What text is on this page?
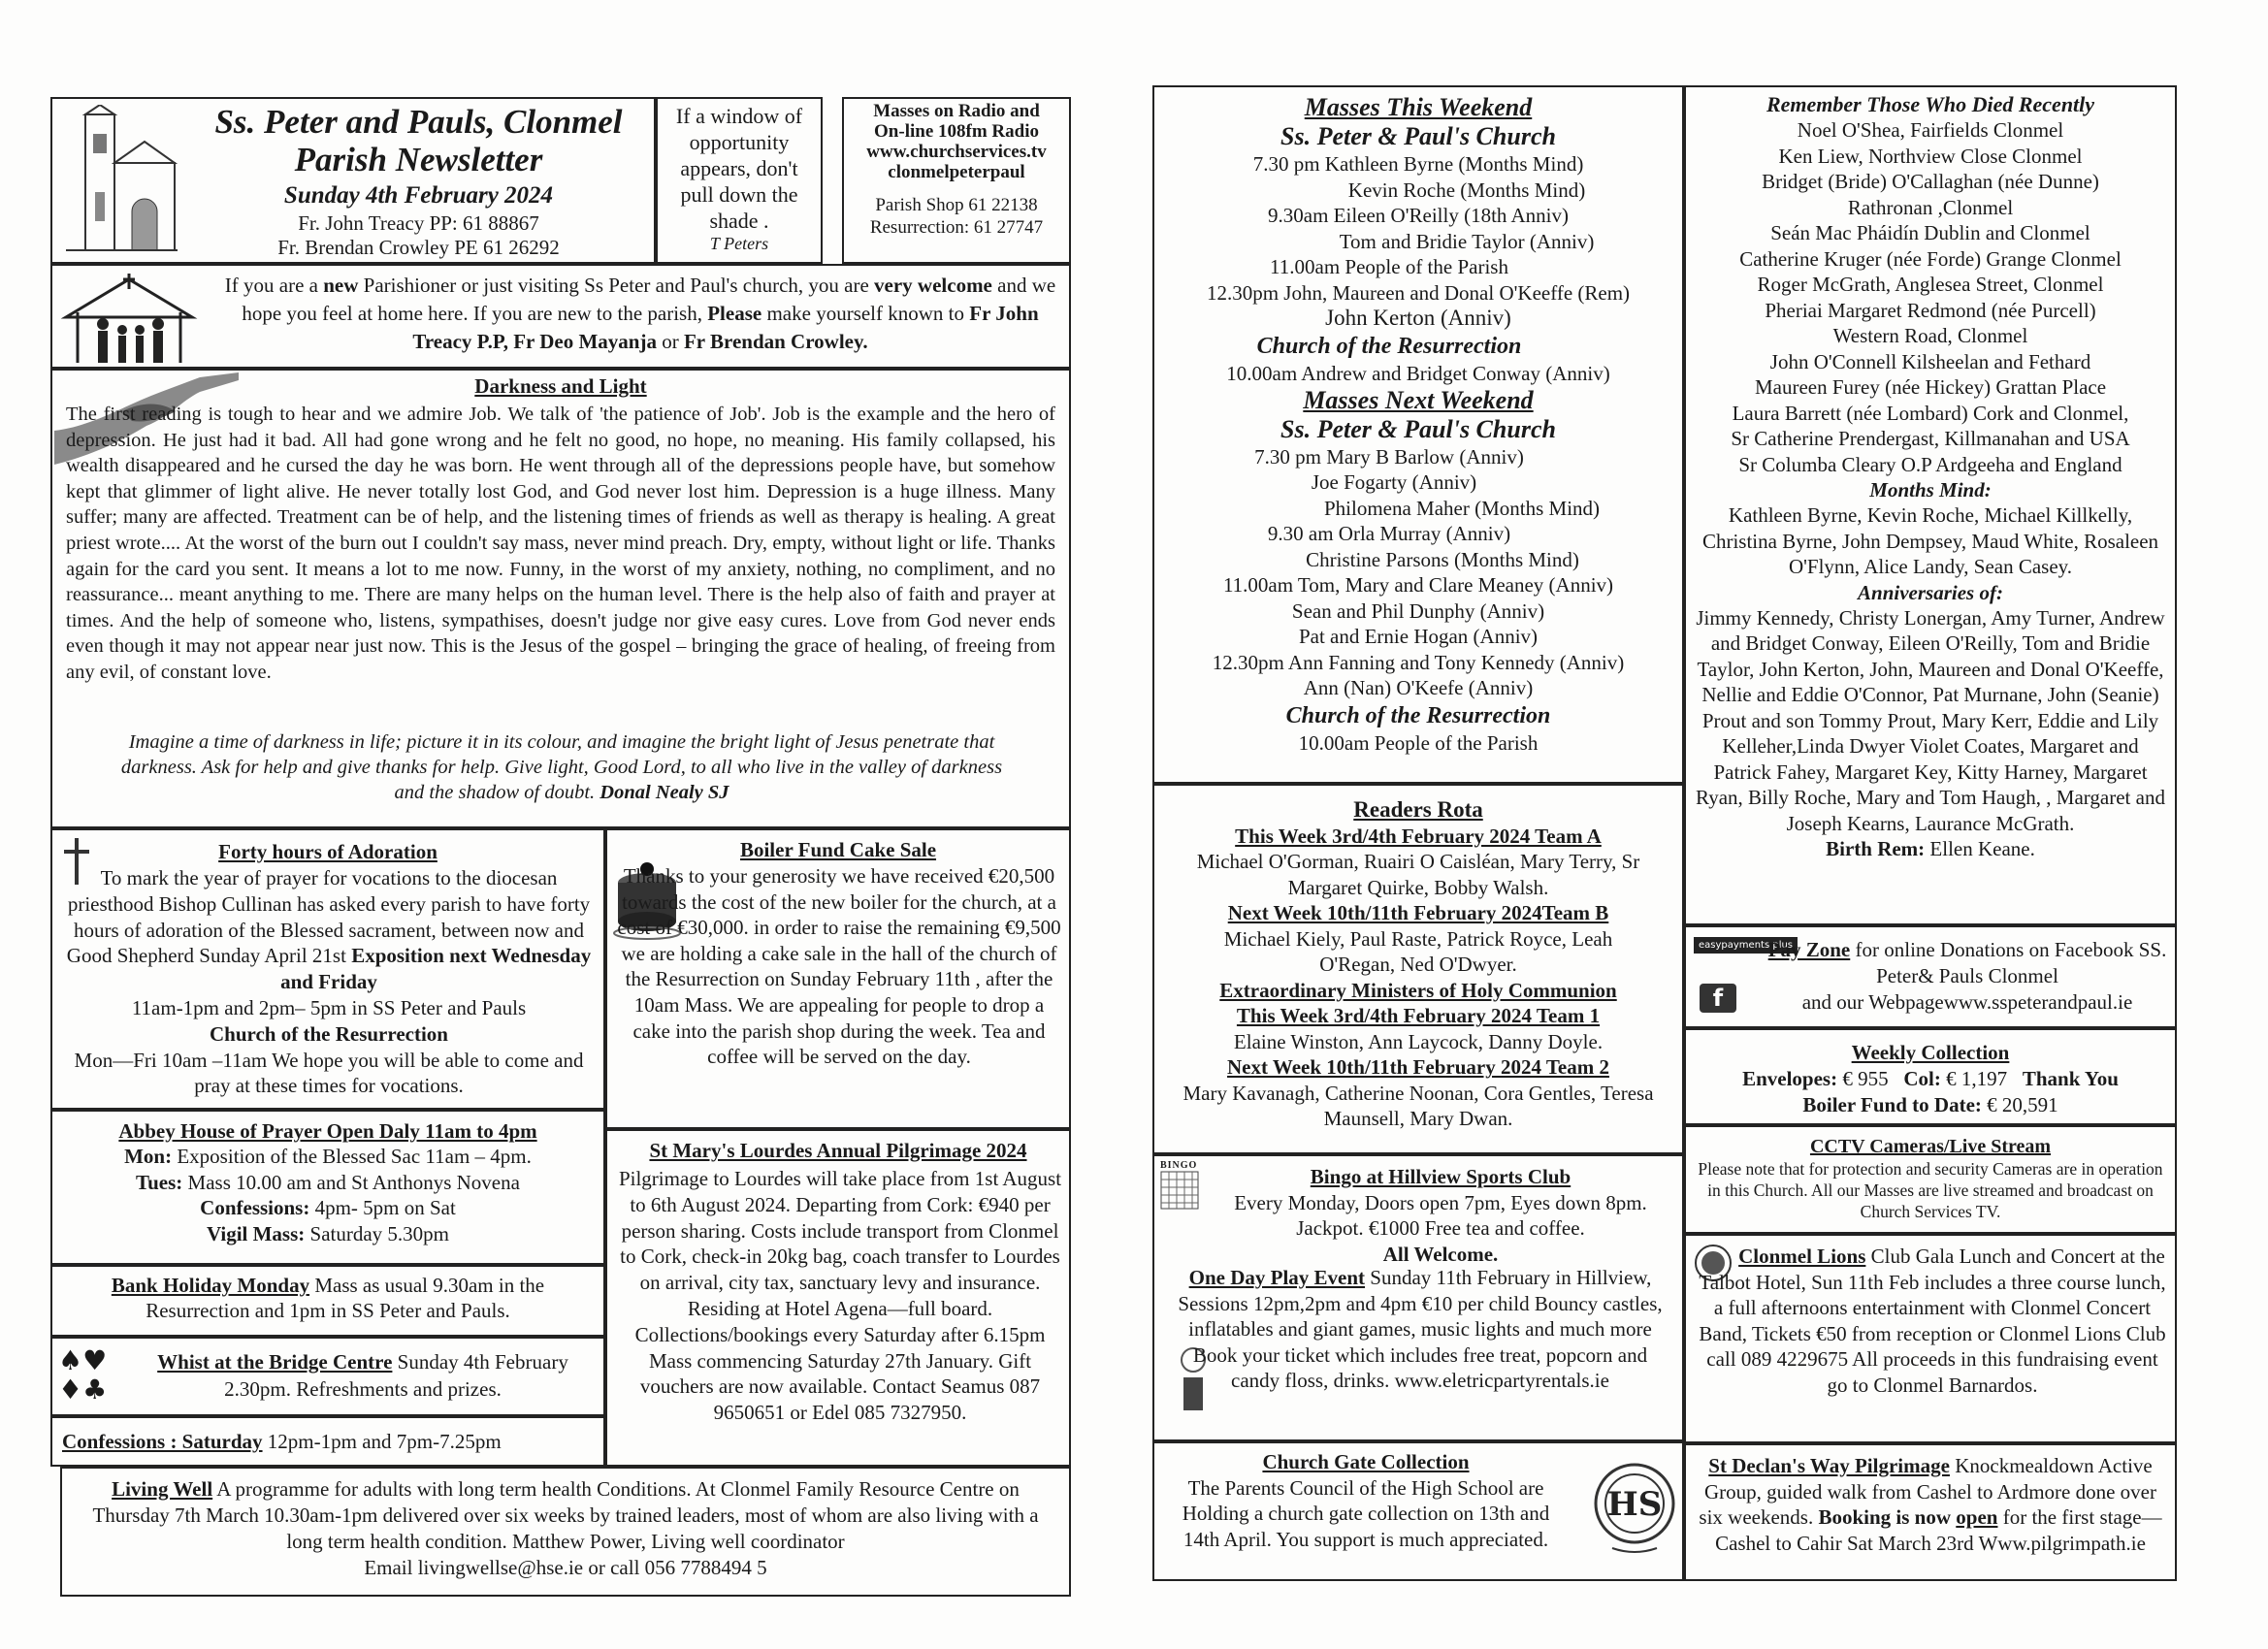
Ss. Peter and Pauls, Clonmel
Parish Newsletter
Sunday 4th February 2024
Fr. John Treacy PP: 61 88867
Fr. Brendan Crowley PE 61 26292
If a window of opportunity appears, don't pull down the shade .
T Peters
Masses on Radio and
On-line 108fm Radio
www.churchservices.tv
clonmelpeterpaul
Parish Shop 61 22138
Resurrection: 61 27747
If you are a new Parishioner or just visiting Ss Peter and Paul's church, you are very welcome and we hope you feel at home here. If you are new to the parish, Please make yourself known to Fr John Treacy P.P, Fr Deo Mayanja or Fr Brendan Crowley.
Darkness and Light
The first reading is tough to hear and we admire Job. We talk of 'the patience of Job'. Job is the example and the hero of depression. He just had it bad. All had gone wrong and he felt no good, no hope, no meaning. His family collapsed, his wealth disappeared and he cursed the day he was born. He went through all of the depressions people have, but somehow kept that glimmer of light alive. He never totally lost God, and God never lost him. Depression is a huge illness. Many suffer; many are affected. Treatment can be of help, and the listening times of friends as well as therapy is healing. A great priest wrote.... At the worst of the burn out I couldn't say mass, never mind preach. Dry, empty, without light or life. Thanks again for the card you sent. It means a lot to me now. Funny, in the worst of my anxiety, nothing, no compliment, and no reassurance... meant anything to me. There are many helps on the human level. There is the help also of faith and prayer at times. And the help of someone who, listens, sympathises, doesn't judge nor give easy cures. Love from God never ends even though it may not appear near just now. This is the Jesus of the gospel – bringing the grace of healing, of freeing from any evil, of constant love.
Imagine a time of darkness in life; picture it in its colour, and imagine the bright light of Jesus penetrate that darkness. Ask for help and give thanks for help. Give light, Good Lord, to all who live in the valley of darkness and the shadow of doubt. Donal Nealy SJ
Forty hours of Adoration
To mark the year of prayer for vocations to the diocesan priesthood Bishop Cullinan has asked every parish to have forty hours of adoration of the Blessed sacrament, between now and Good Shepherd Sunday April 21st Exposition next Wednesday and Friday
11am-1pm and 2pm– 5pm in SS Peter and Pauls
Church of the Resurrection
Mon—Fri 10am –11am We hope you will be able to come and pray at these times for vocations.
Boiler Fund Cake Sale
Thanks to your generosity we have received €20,500 towards the cost of the new boiler for the church, at a cost of €30,000. in order to raise the remaining €9,500 we are holding a cake sale in the hall of the church of the Resurrection on Sunday February 11th , after the 10am Mass. We are appealing for people to drop a cake into the parish shop during the week. Tea and coffee will be served on the day.
Abbey House of Prayer Open Daly 11am to 4pm
Mon: Exposition of the Blessed Sac 11am – 4pm.
Tues: Mass 10.00 am and St Anthonys Novena
Confessions: 4pm- 5pm on Sat
Vigil Mass: Saturday 5.30pm
Bank Holiday Monday Mass as usual 9.30am in the Resurrection and 1pm in SS Peter and Pauls.
♠♥
♦♣
Whist at the Bridge Centre Sunday 4th February 2.30pm. Refreshments and prizes.
Confessions : Saturday 12pm-1pm and 7pm-7.25pm
St Mary's Lourdes Annual Pilgrimage 2024
Pilgrimage to Lourdes will take place from 1st August to 6th August 2024. Departing from Cork: €940 per person sharing. Costs include transport from Clonmel to Cork, check-in 20kg bag, coach transfer to Lourdes on arrival, city tax, sanctuary levy and insurance. Residing at Hotel Agena—full board. Collections/bookings every Saturday after 6.15pm Mass commencing Saturday 27th January. Gift vouchers are now available. Contact Seamus 087 9650651 or Edel 085 7327950.
Living Well A programme for adults with long term health Conditions. At Clonmel Family Resource Centre on Thursday 7th March 10.30am-1pm delivered over six weeks by trained leaders, most of whom are also living with a long term health condition. Matthew Power, Living well coordinator
Email livingwellse@hse.ie or call 056 7788494 5
Masses This Weekend
Ss. Peter & Paul's Church
7.30 pm Kathleen Byrne (Months Mind)
Kevin Roche (Months Mind)
9.30am Eileen O'Reilly (18th Anniv)
Tom and Bridie Taylor (Anniv)
11.00am People of the Parish
12.30pm John, Maureen and Donal O'Keeffe (Rem)
John Kerton (Anniv)
Church of the Resurrection
10.00am Andrew and Bridget Conway (Anniv)
Masses Next Weekend
Ss. Peter & Paul's Church
7.30 pm Mary B Barlow (Anniv)
Joe Fogarty (Anniv)
Philomena Maher (Months Mind)
9.30 am Orla Murray (Anniv)
Christine Parsons (Months Mind)
11.00am Tom, Mary and Clare Meaney (Anniv)
Sean and Phil Dunphy (Anniv)
Pat and Ernie Hogan (Anniv)
12.30pm Ann Fanning and Tony Kennedy (Anniv)
Ann (Nan) O'Keefe (Anniv)
Church of the Resurrection
10.00am People of the Parish
Readers Rota
This Week 3rd/4th February 2024 Team A
Michael O'Gorman, Ruairi O Caisléan, Mary Terry, Sr Margaret Quirke, Bobby Walsh.
Next Week 10th/11th February 2024Team B
Michael Kiely, Paul Raste, Patrick Royce, Leah O'Regan, Ned O'Dwyer.
Extraordinary Ministers of Holy Communion
This Week 3rd/4th February 2024 Team 1
Elaine Winston, Ann Laycock, Danny Doyle.
Next Week 10th/11th February 2024 Team 2
Mary Kavanagh, Catherine Noonan, Cora Gentles, Teresa Maunsell, Mary Dwan.
BINGO	Bingo at Hillview Sports Club
Every Monday, Doors open 7pm, Eyes down 8pm. Jackpot. €1000 Free tea and coffee.
All Welcome.
One Day Play Event Sunday 11th February in Hillview, Sessions 12pm,2pm and 4pm €10 per child Bouncy castles, inflatables and giant games, music lights and much more Book your ticket which includes free treat, popcorn and candy floss, drinks. www.eletricpartyrentals.ie
Church Gate Collection
The Parents Council of the High School are Holding a church gate collection on 13th and 14th April. You support is much appreciated.
HS
Remember Those Who Died Recently
Noel O'Shea, Fairfields Clonmel
Ken Liew, Northview Close Clonmel
Bridget (Bride) O'Callaghan (née Dunne)
Rathronan ,Clonmel
Seán Mac Pháidín Dublin and Clonmel
Catherine Kruger (née Forde) Grange Clonmel
Roger McGrath, Anglesea Street, Clonmel
Pheriai Margaret Redmond (née Purcell)
Western Road, Clonmel
John O'Connell Kilsheelan and Fethard
Maureen Furey (née Hickey) Grattan Place
Laura Barrett (née Lombard) Cork and Clonmel,
Sr Catherine Prendergast, Killmanahan and USA
Sr Columba Cleary O.P Ardgeeha and England
Months Mind:
Kathleen Byrne, Kevin Roche, Michael Killkelly, Christina Byrne, John Dempsey, Maud White, Rosaleen O'Flynn, Alice Landy, Sean Casey.
Anniversaries of:
Jimmy Kennedy, Christy Lonergan, Amy Turner, Andrew and Bridget Conway, Eileen O'Reilly, Tom and Bridie Taylor, John Kerton, John, Maureen and Donal O'Keeffe, Nellie and Eddie O'Connor, Pat Murnane, John (Seanie) Prout and son Tommy Prout, Mary Kerr, Eddie and Lily Kelleher,Linda Dwyer Violet Coates, Margaret and Patrick Fahey, Margaret Key, Kitty Harney, Margaret Ryan, Billy Roche, Mary and Tom Haugh, , Margaret and Joseph Kearns, Laurance McGrath.
Birth Rem: Ellen Keane.
easypayments plus
f
Pay Zone for online Donations on Facebook SS. Peter& Pauls Clonmel
and our Webpagewww.sspeterandpaul.ie
Weekly Collection
Envelopes: € 955 Col: € 1,197 Thank You
Boiler Fund to Date: € 20,591
CCTV Cameras/Live Stream
Please note that for protection and security Cameras are in operation in this Church. All our Masses are live streamed and broadcast on Church Services TV.
Clonmel Lions Club Gala Lunch and Concert at the Talbot Hotel, Sun 11th Feb includes a three course lunch, a full afternoons entertainment with Clonmel Concert Band, Tickets €50 from reception or Clonmel Lions Club call 089 4229675 All proceeds in this fundraising event go to Clonmel Barnardos.
St Declan's Way Pilgrimage Knockmealdown Active Group, guided walk from Cashel to Ardmore done over six weekends. Booking is now open for the first stage—Cashel to Cahir Sat March 23rd Www.pilgrimpath.ie
